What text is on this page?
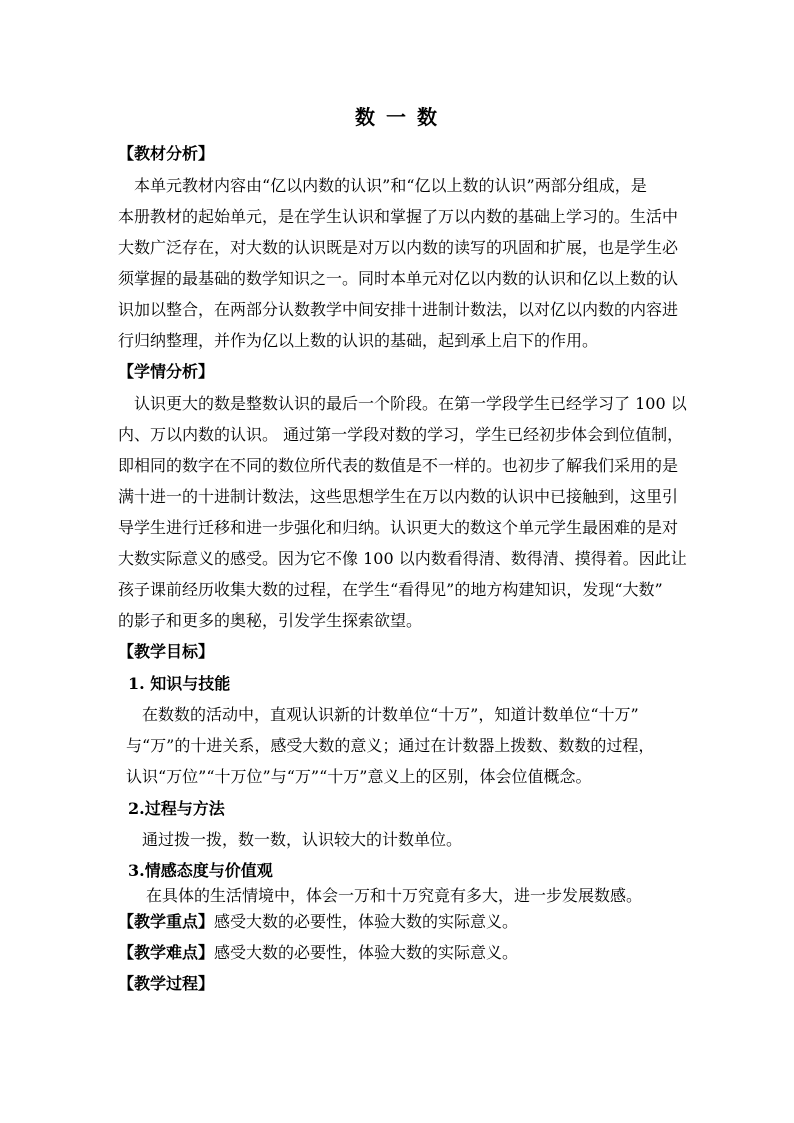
数 一 数
【教材分析】
本单元教材内容由“亿以内数的认识”和“亿以上数的认识”两部分组成，是
本册教材的起始单元，是在学生认识和掌握了万以内数的基础上学习的。生活中
大数广泛存在，对大数的认识既是对万以内数的读写的巩固和扩展，也是学生必
须掌握的最基础的数学知识之一。同时本单元对亿以内数的认识和亿以上数的认
识加以整合，在两部分认数教学中间安排十进制计数法，以对亿以内数的内容进
行归纳整理，并作为亿以上数的认识的基础，起到承上启下的作用。
【学情分析】
认识更大的数是整数认识的最后一个阶段。在第一学段学生已经学习了 100 以
内、万以内数的认识。 通过第一学段对数的学习，学生已经初步体会到位值制，
即相同的数字在不同的数位所代表的数值是不一样的。也初步了解我们采用的是
满十进一的十进制计数法，这些思想学生在万以内数的认识中已接触到，这里引
导学生进行迁移和进一步强化和归纳。认识更大的数这个单元学生最困难的是对
大数实际意义的感受。因为它不像 100 以内数看得清、数得清、摸得着。因此让
孩子课前经历收集大数的过程，在学生“看得见”的地方构建知识，发现“大数”
的影子和更多的奥秘，引发学生探索欲望。
【教学目标】
1. 知识与技能
在数数的活动中，直观认识新的计数单位“十万”，知道计数单位“十万”
与“万”的十进关系，感受大数的意义；通过在计数器上拨数、数数的过程，
认识“万位”“十万位”与“万”“十万”意义上的区别，体会位值概念。
2.过程与方法
通过拨一拨，数一数，认识较大的计数单位。
3.情感态度与价值观
在具体的生活情境中，体会一万和十万究竟有多大，进一步发展数感。
【教学重点】感受大数的必要性，体验大数的实际意义。
【教学难点】感受大数的必要性，体验大数的实际意义。
【教学过程】
